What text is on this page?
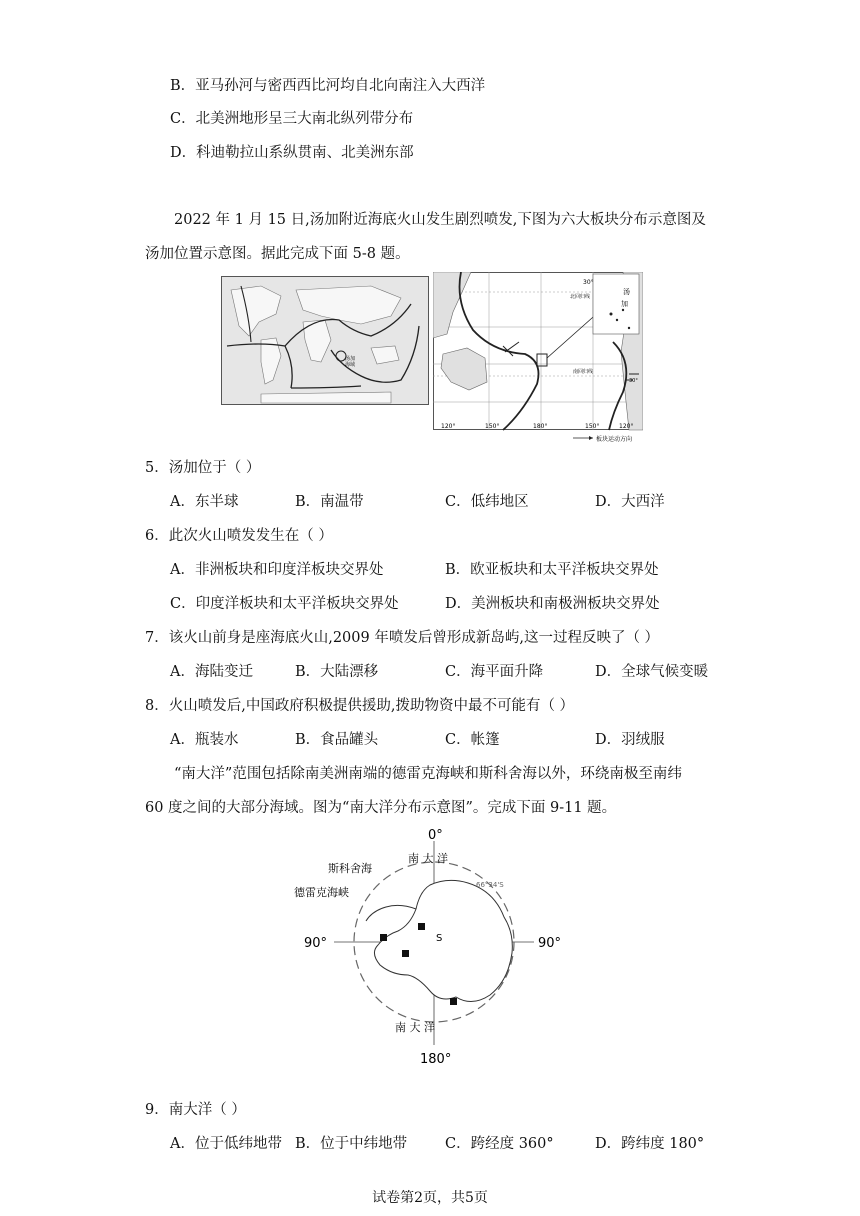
B．亚马孙河与密西西比河均自北向南注入大西洋
C．北美洲地形呈三大南北纵列带分布
D．科迪勒拉山系纵贯南、北美洲东部
2022 年 1 月 15 日,汤加附近海底火山发生剧烈喷发,下图为六大板块分布示意图及
汤加位置示意图。据此完成下面 5-8 题。
汤加
海域
汤
加
30°
北回归线
南回归线
30°
120°	150°	180°	150°	120°
板块运动方向
5．汤加位于（ ）
A．东半球	B．南温带	C．低纬地区	D．大西洋
6．此次火山喷发发生在（ ）
A．非洲板块和印度洋板块交界处	B．欧亚板块和太平洋板块交界处
C．印度洋板块和太平洋板块交界处	D．美洲板块和南极洲板块交界处
7．该火山前身是座海底火山,2009 年喷发后曾形成新岛屿,这一过程反映了（ ）
A．海陆变迁	B．大陆漂移	C．海平面升降	D．全球气候变暖
8．火山喷发后,中国政府积极提供援助,拨助物资中最不可能有（ ）
A．瓶装水	B．食品罐头	C．帐篷	D．羽绒服
“南大洋”范围包括除南美洲南端的德雷克海峡和斯科舍海以外，环绕南极至南纬
60 度之间的大部分海域。图为“南大洋分布示意图”。完成下面 9-11 题。
0°
180°
90°	90°
南 大 洋
南 大 洋
斯科舍海
德雷克海峡
66°34'S
S
9．南大洋（ ）
A．位于低纬地带 B．位于中纬地带	C．跨经度 360°	D．跨纬度 180°
试卷第2页，共5页
